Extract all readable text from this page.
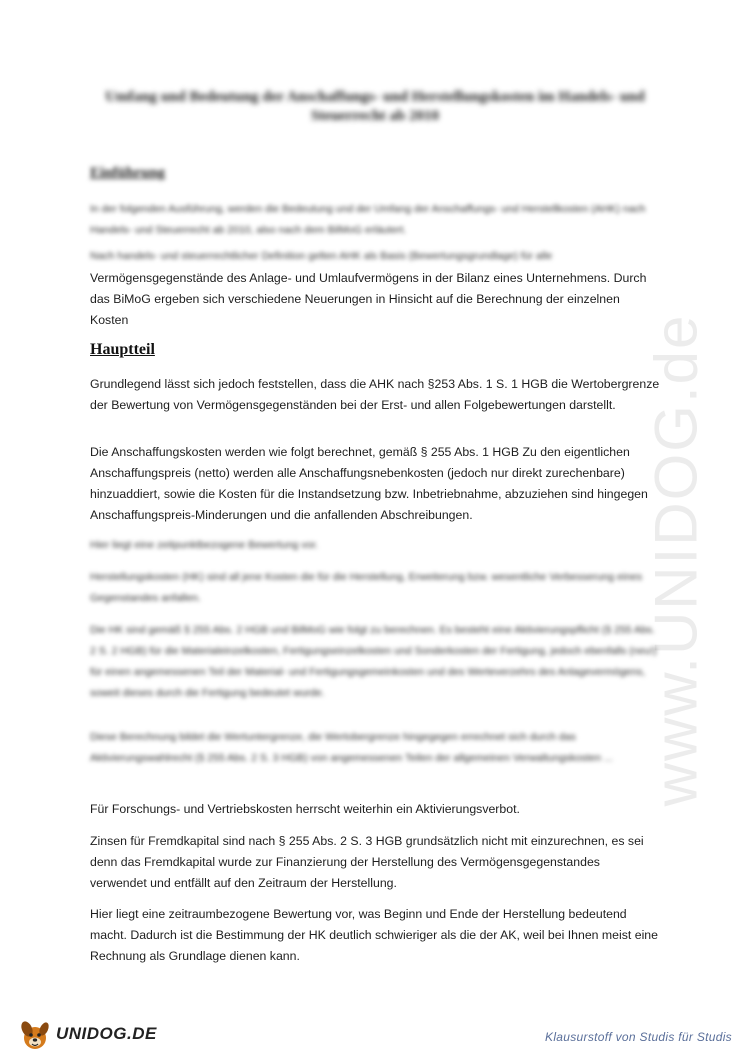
www.UNIDOG.de
Umfang und Bedeutung der Anschaffungs- und Herstellungskosten im Handels- und Steuerrecht ab 2010
Einführung
In der folgenden Ausführung, werden die Bedeutung und der Umfang der Anschaffungs- und Herstellkosten (AHK) nach Handels- und Steuerrecht ab 2010, also nach dem BilMoG erläutert.
Nach handels- und steuerrechtlicher Definition gelten AHK als Basis (Bewertungsgrundlage) für alle
Vermögensgegenstände des Anlage- und Umlaufvermögens in der Bilanz eines Unternehmens. Durch das BiMoG ergeben sich verschiedene Neuerungen in Hinsicht auf die Berechnung der einzelnen Kosten
Hauptteil
Grundlegend lässt sich jedoch feststellen, dass die AHK nach §253 Abs. 1 S. 1 HGB die Wertobergrenze der Bewertung von Vermögensgegenständen bei der Erst- und allen Folgebewertungen darstellt.
Die Anschaffungskosten werden wie folgt berechnet, gemäß § 255 Abs. 1 HGB Zu den eigentlichen Anschaffungspreis (netto) werden alle Anschaffungsnebenkosten (jedoch nur direkt zurechenbare) hinzuaddiert, sowie die Kosten für die Instandsetzung bzw. Inbetriebnahme, abzuziehen sind hingegen Anschaffungspreis-Minderungen und die anfallenden Abschreibungen.
Hier liegt eine zeitpunktbezogene Bewertung vor.
Herstellungskosten (HK) sind all jene Kosten die für die Herstellung, Erweiterung bzw. wesentliche Verbesserung eines Gegenstandes anfallen.
Die HK sind gemäß § 255 Abs. 2 HGB und BilMoG wie folgt zu berechnen. Es besteht eine Aktivierungspflicht (§ 255 Abs. 2 S. 2 HGB) für die Materialeinzelkosten, Fertigungseinzelkosten und Sonderkosten der Fertigung, jedoch ebenfalls (neu!) für einen angemessenen Teil der Material- und Fertigungsgemeinkosten und des Werteverzehrs des Anlagevermögens, soweit dieses durch die Fertigung bedeutet wurde.
Diese Berechnung bildet die Wertuntergrenze, die Wertobergrenze hingegegen errechnet sich durch das Aktivierungswahlrecht (§ 255 Abs. 2 S. 3 HGB) von angemessenen Teilen der allgemeinen Verwaltungskosten ...
Für Forschungs- und Vertriebskosten herrscht weiterhin ein Aktivierungsverbot.
Zinsen für Fremdkapital sind nach § 255 Abs. 2 S. 3 HGB grundsätzlich nicht mit einzurechnen, es sei denn das Fremdkapital wurde zur Finanzierung der Herstellung des Vermögensgegenstandes verwendet und entfällt auf den Zeitraum der Herstellung.
Hier liegt eine zeitraumbezogene Bewertung vor, was Beginn und Ende der Herstellung bedeutend macht. Dadurch ist die Bestimmung der HK deutlich schwieriger als die der AK, weil bei Ihnen meist eine Rechnung als Grundlage dienen kann.
UNIDOG.DE	Klausurstoff von Studis für Studis
